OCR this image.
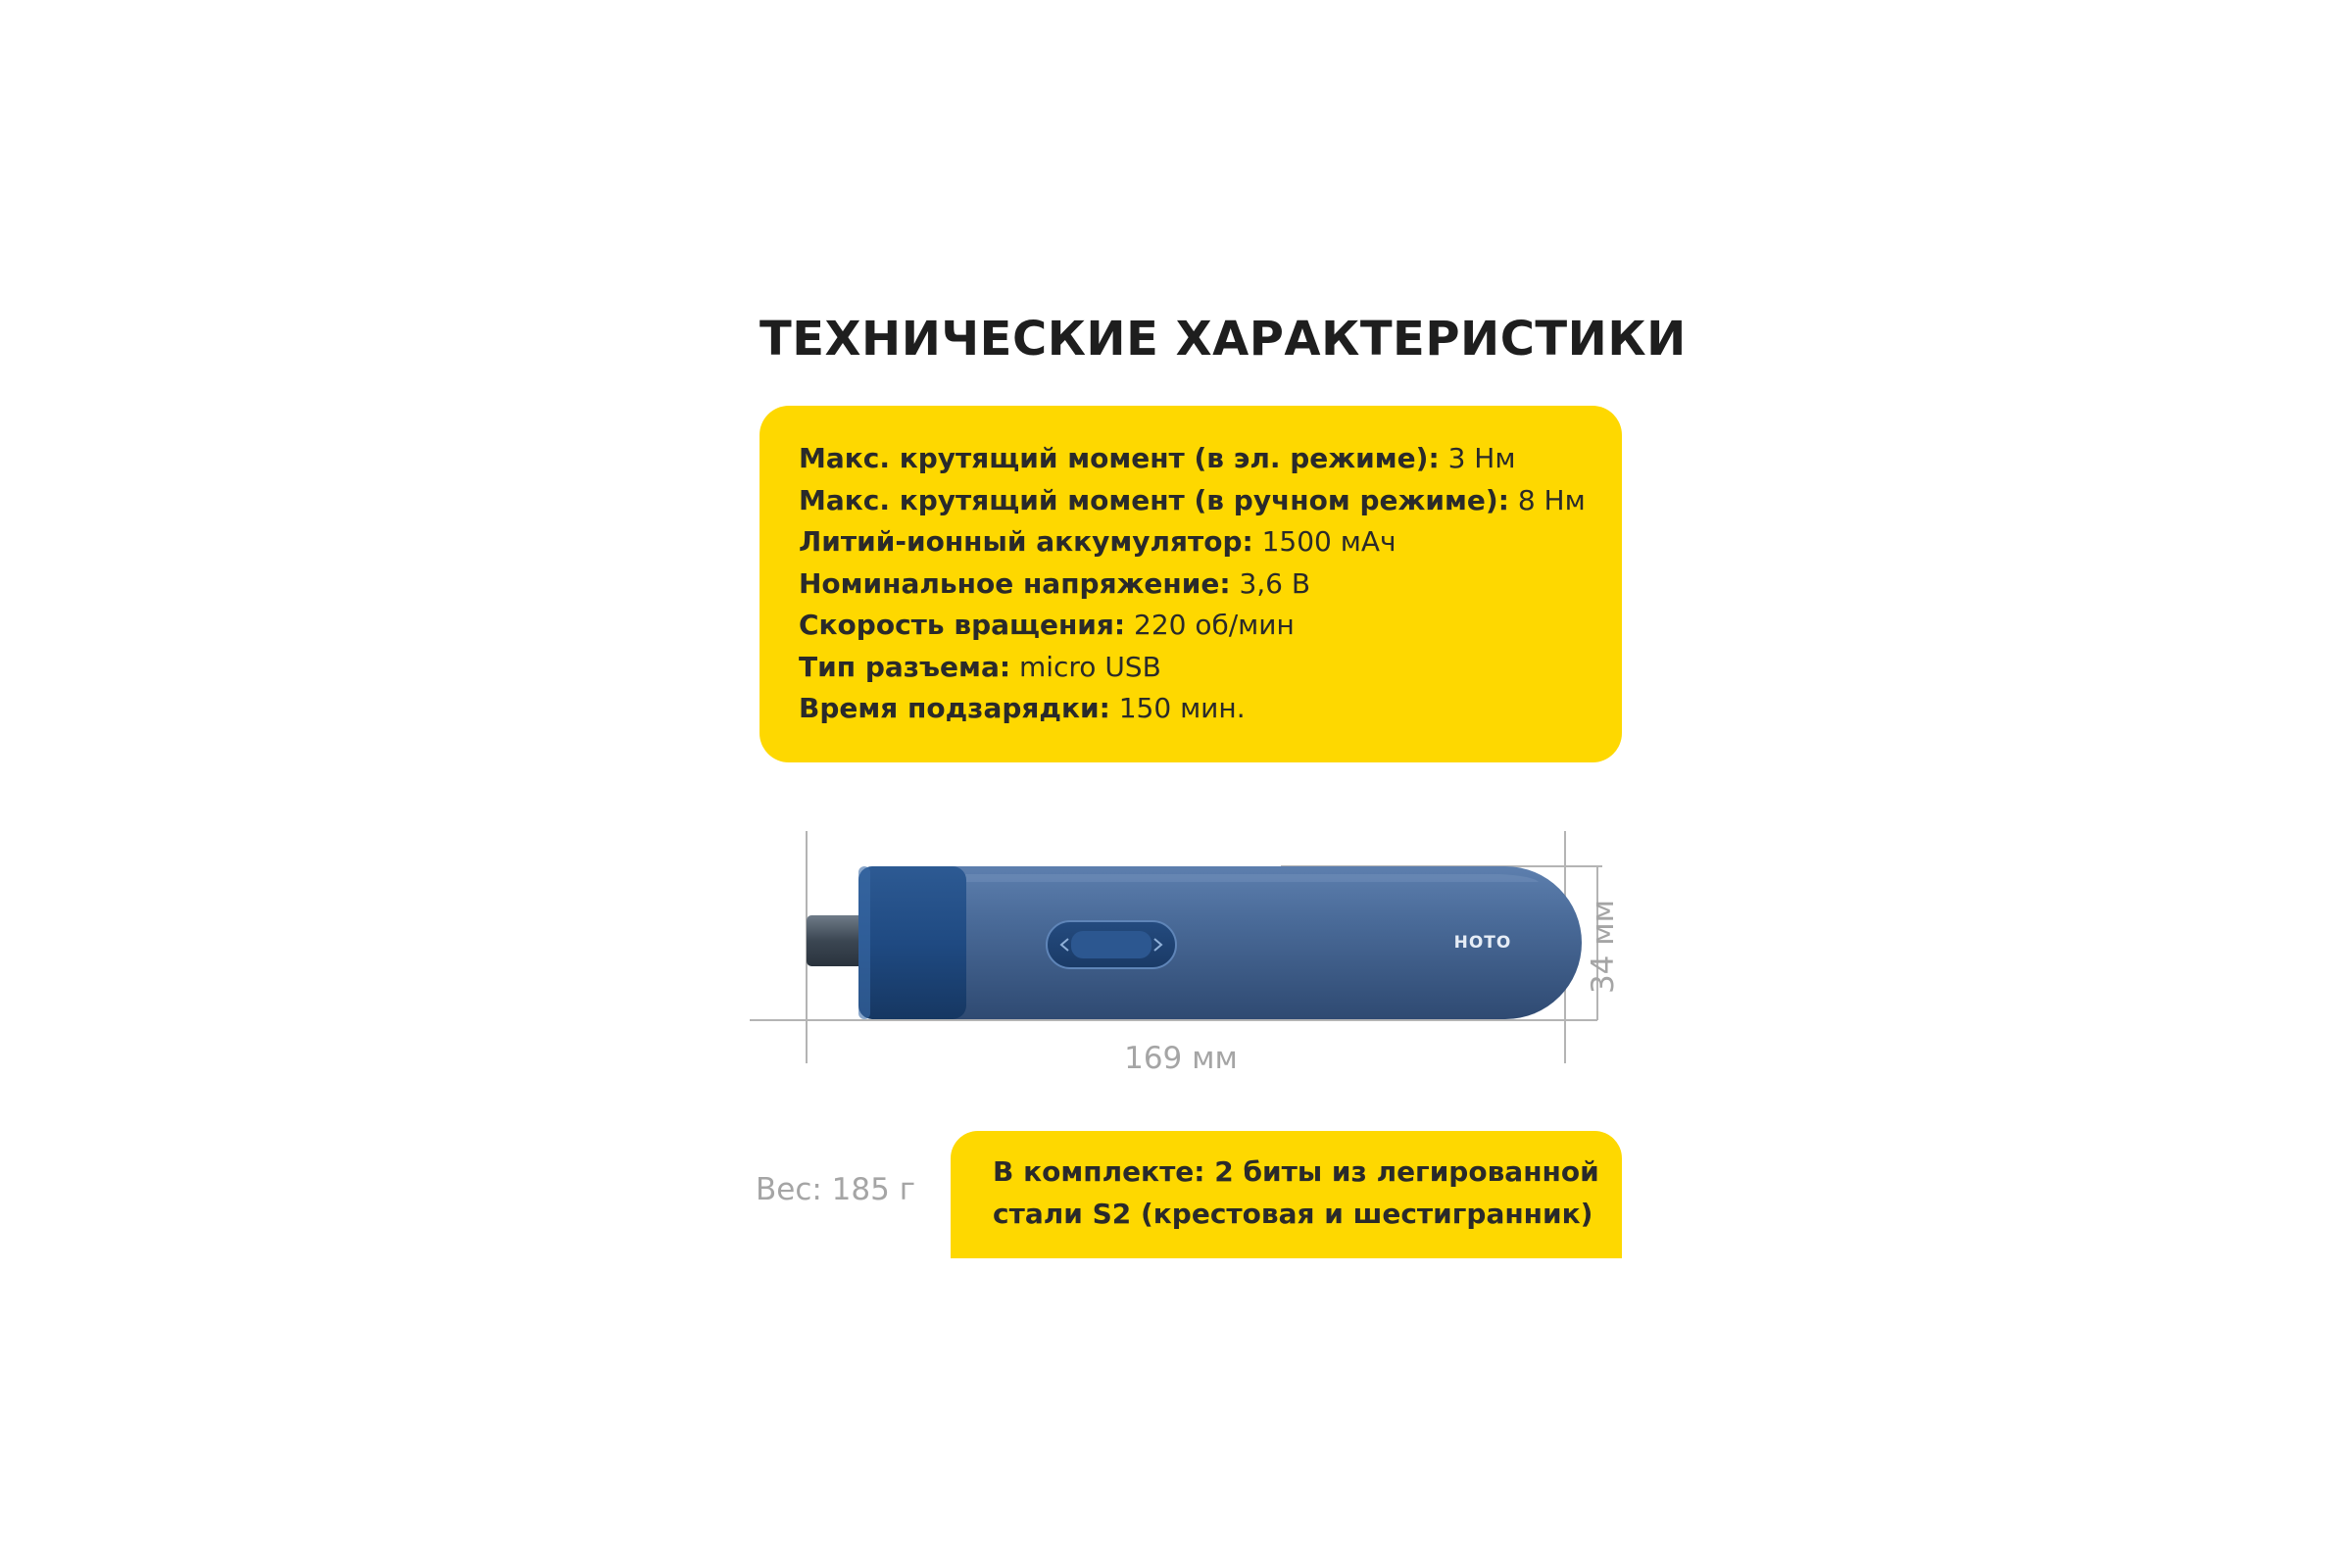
ТЕХНИЧЕСКИЕ ХАРАКТЕРИСТИКИ
Макс. крутящий момент (в эл. режиме): 3 Нм
Макс. крутящий момент (в ручном режиме): 8 Нм
Литий-ионный аккумулятор: 1500 мАч
Номинальное напряжение: 3,6 В
Скорость вращения: 220 об/мин
Тип разъема: micro USB
Время подзарядки: 150 мин.
HOTO
169 мм
34 мм
Вес: 185 г
В комплекте: 2 биты из легированной
стали S2 (крестовая и шестигранник)
